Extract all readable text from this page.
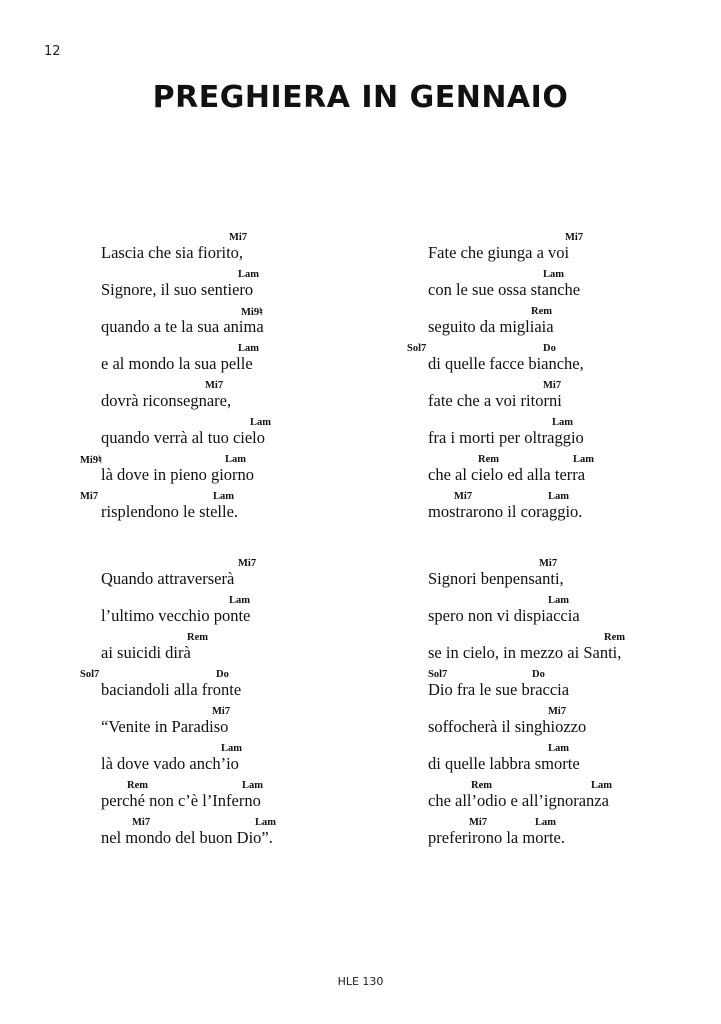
12
PREGHIERA IN GENNAIO
Mi7
Lascia che sia fiorito,
Lam
Signore, il suo sentiero
Mi9♮
quando a te la sua anima
Lam
e al mondo la sua pelle
Mi7
dovrà riconsegnare,
Lam
quando verrà al tuo cielo
Mi9♮	Lam
là dove in pieno giorno
Mi7	Lam
risplendono le stelle.
Mi7
Quando attraverserà
Lam
l’ultimo vecchio ponte
Rem
ai suicidi dirà
Sol7	Do
baciandoli alla fronte
Mi7
“Venite in Paradiso
Lam
là dove vado anch’io
Rem	Lam
perché non c’è l’Inferno
Mi7	Lam
nel mondo del buon Dio”.
Mi7
Fate che giunga a voi
Lam
con le sue ossa stanche
Rem
seguito da migliaia
Sol7	Do
di quelle facce bianche,
Mi7
fate che a voi ritorni
Lam
fra i morti per oltraggio
Rem	Lam
che al cielo ed alla terra
Mi7	Lam
mostrarono il coraggio.
Mi7
Signori benpensanti,
Lam
spero non vi dispiaccia
Rem
se in cielo, in mezzo ai Santi,
Sol7	Do
Dio fra le sue braccia
Mi7
soffocherà il singhiozzo
Lam
di quelle labbra smorte
Rem	Lam
che all’odio e all’ignoranza
Mi7	Lam
preferirono la morte.
HLE 130
